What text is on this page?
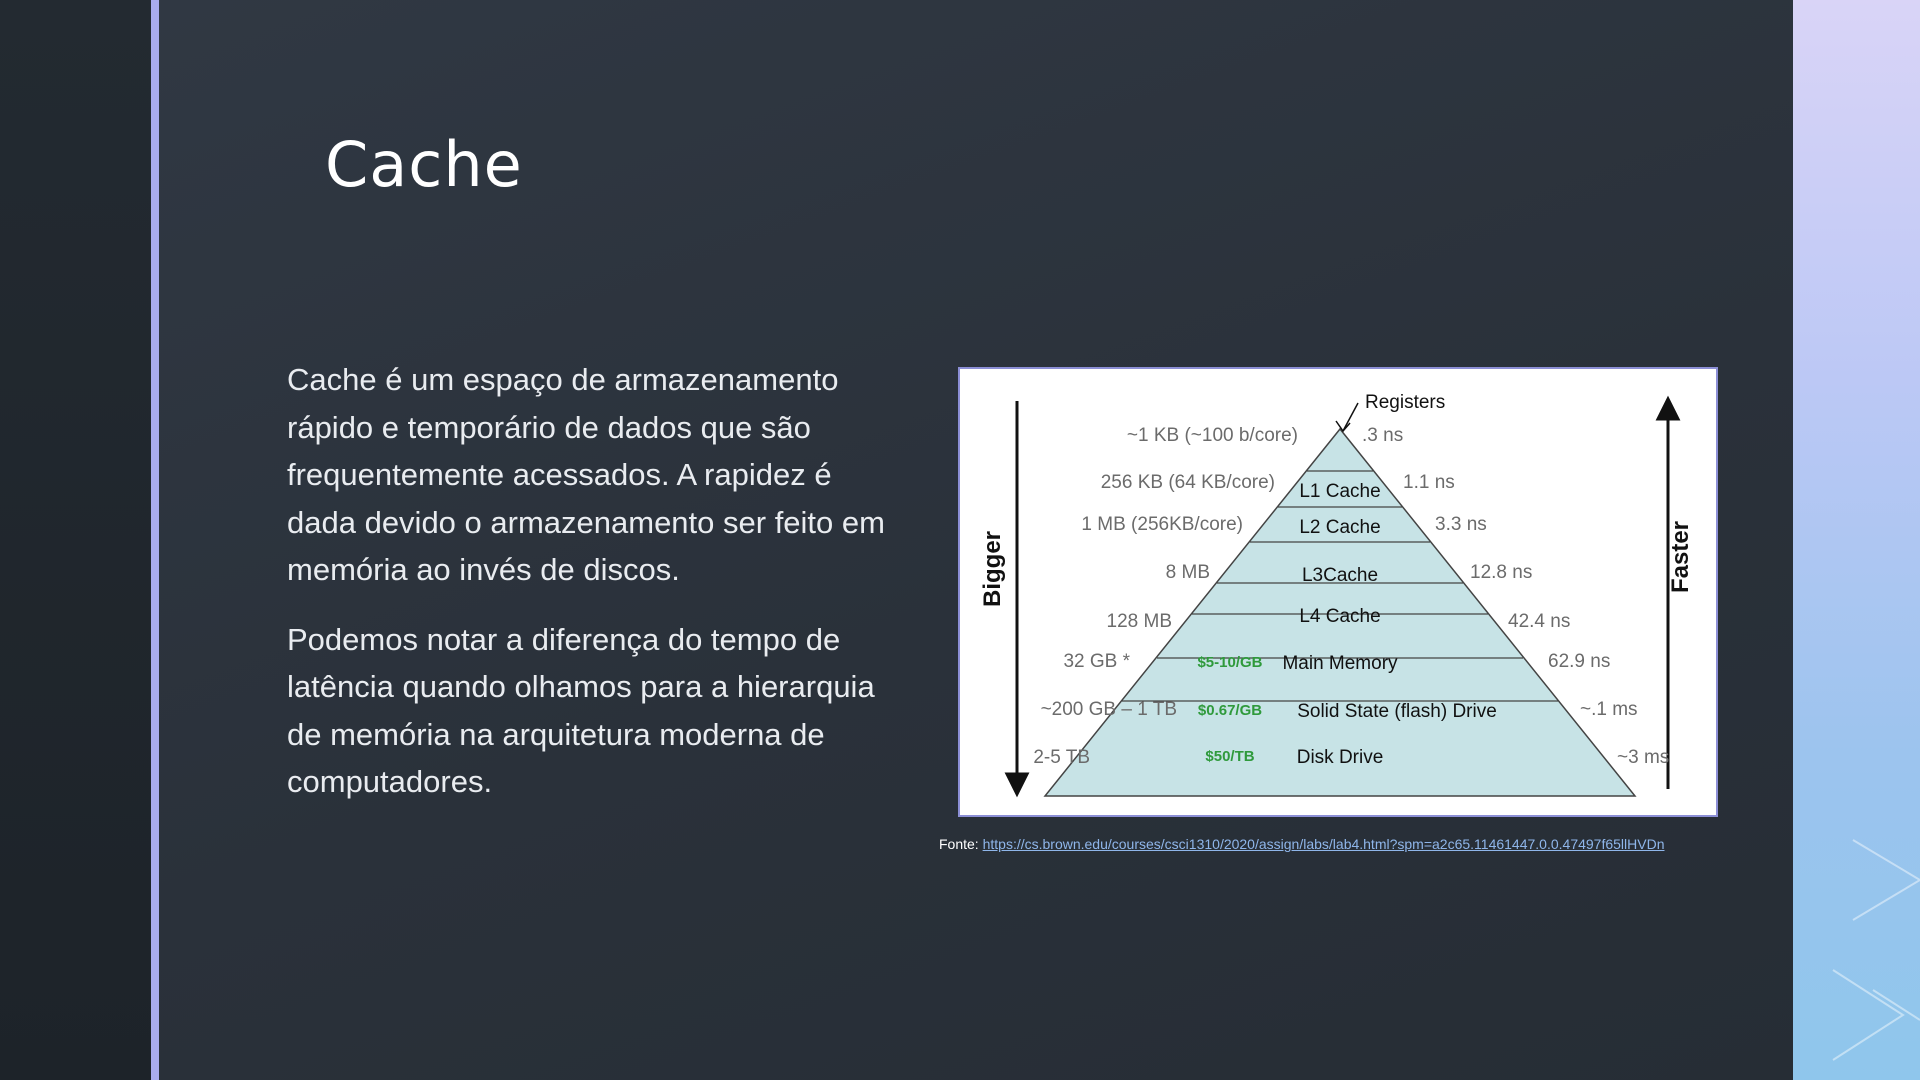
Cache

Cache é um espaço de armazenamento rápido e temporário de dados que são frequentemente acessados. A rapidez é dada devido o armazenamento ser feito em memória ao invés de discos.

Podemos notar a diferença do tempo de latência quando olhamos para a hierarquia de memória na arquitetura moderna de computadores.

Bigger	Faster
Registers
L1 Cache
L2 Cache
L3Cache
L4 Cache
Main Memory
Solid State (flash) Drive
Disk Drive
$5-10/GB
$0.67/GB
$50/TB
~1 KB (~100 b/core)
256 KB (64 KB/core)
1 MB (256KB/core)
8 MB
128 MB
32 GB *
~200 GB – 1 TB
2-5 TB
.3 ns
1.1 ns
3.3 ns
12.8 ns
42.4 ns
62.9 ns
~.1 ms
~3 ms
Fonte: https://cs.brown.edu/courses/csci1310/2020/assign/labs/lab4.html?spm=a2c65.11461447.0.0.47497f65llHVDn
